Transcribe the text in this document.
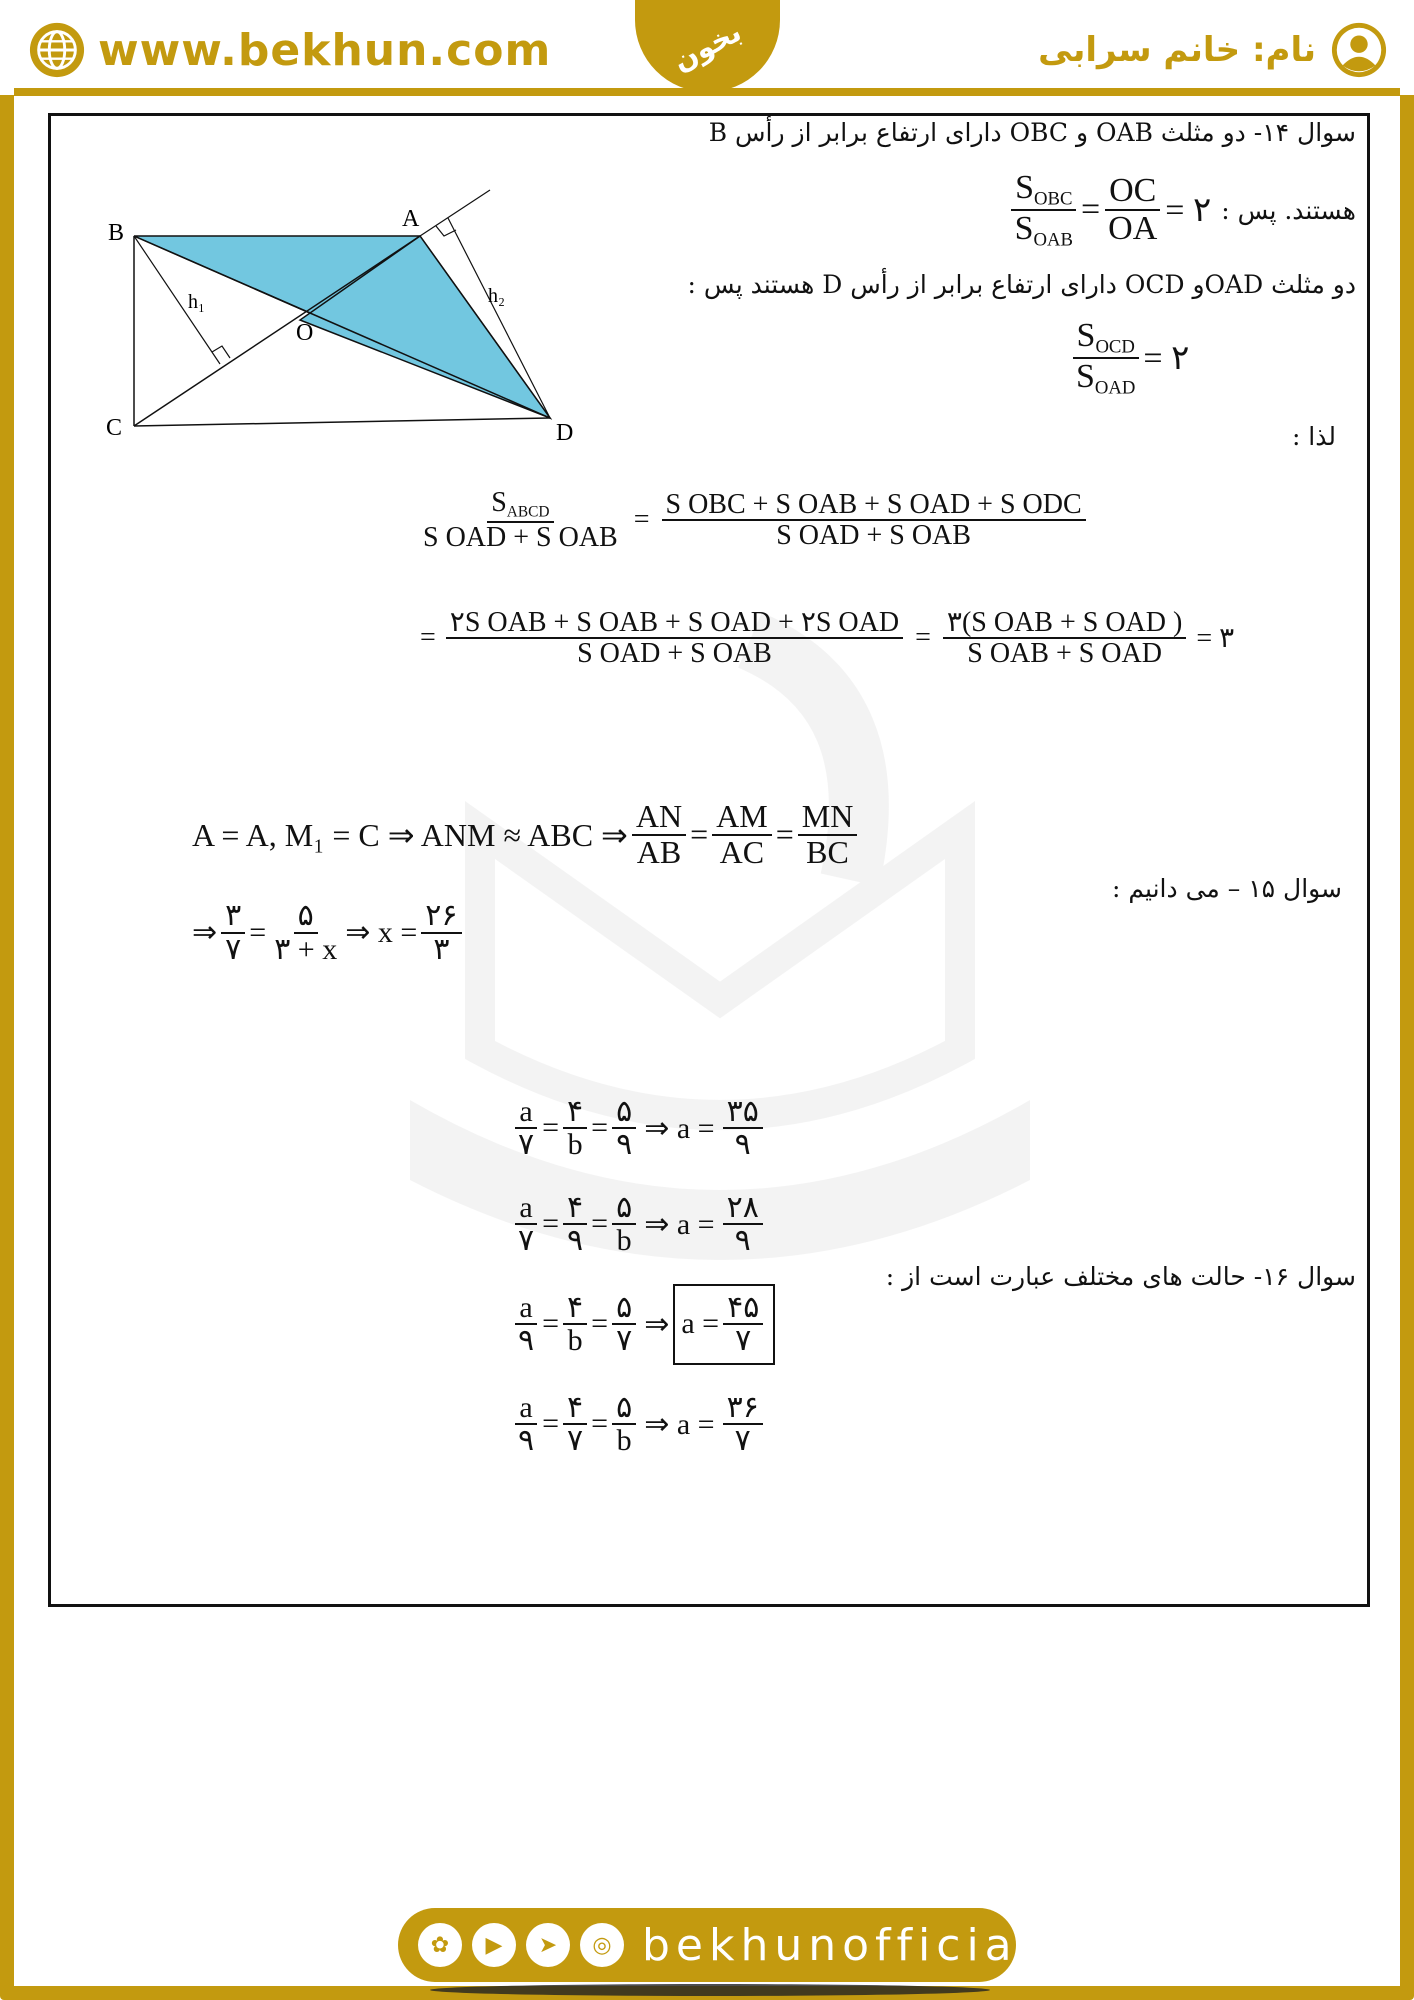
www.bekhun.com	بخون	نام: خانم سرابی
B
A
C	D
O
h₁	h₂
سوال ۱۴- دو مثلث OAB و OBC دارای ارتفاع برابر از رأس B
هستند. پس :
$S_{OBC}$
$S_{OAB}$
= $\frac{OC}{OA}$ = ۲
دو مثلث OADو OCD دارای ارتفاع برابر از رأس D هستند پس :
$S_{OCD}$
$S_{OAD}$
= ۲
لذا :
$S_{ABCD}$
S OAD + S OAB
= S OBC + S OAB + S OAD + S ODC
S OAD + S OAB
= ۲S OAB + S OAB + S OAD + ۲S OAD
S OAD + S OAB
= ۳(S OAB + S OAD )
S OAB + S OAD = ۳
A = A, M₁ = C ⇒ ANM ≈ ABC ⇒ $\frac{AN}{AB} = \frac{AM}{AC} = \frac{MN}{BC}$
سوال ۱۵ – می دانیم :
⇒
۳
۷
= ۵
۳ + x ⇒ x =
۲۶
۳
سوال ۱۶- حالت های مختلف عبارت است از :
a
۷
= ۴
b
= ۵
۹ ⇒ a =
۳۵
۹
a
۷
= ۴
۹
= ۵
b ⇒ a =
۲۸
۹
a
۹
= ۴
b
= ۵
۷ ⇒ a = ۴۵
۷
a
۹
= ۴
۷
= ۵
b ⇒ a =
۳۶
۷
✿	▶	➤	◎ bekhunofficial
